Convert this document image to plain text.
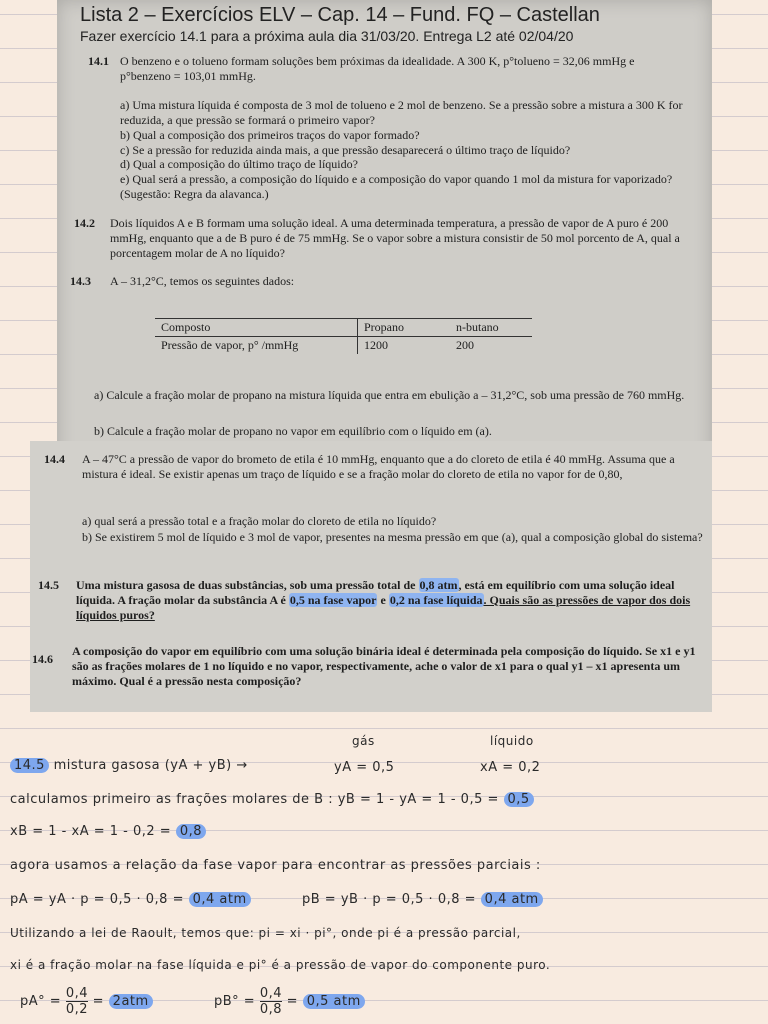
Lista 2 – Exercícios ELV – Cap. 14 – Fund. FQ – Castellan
Fazer exercício 14.1 para a próxima aula dia 31/03/20. Entrega L2 até 02/04/20
14.1 O benzeno e o tolueno formam soluções bem próximas da idealidade. A 300 K, p°tolueno = 32,06 mmHg e p°benzeno = 103,01 mmHg.
a) Uma mistura líquida é composta de 3 mol de tolueno e 2 mol de benzeno. Se a pressão sobre a mistura a 300 K for reduzida, a que pressão se formará o primeiro vapor?
b) Qual a composição dos primeiros traços do vapor formado?
c) Se a pressão for reduzida ainda mais, a que pressão desaparecerá o último traço de líquido?
d) Qual a composição do último traço de líquido?
e) Qual será a pressão, a composição do líquido e a composição do vapor quando 1 mol da mistura for vaporizado? (Sugestão: Regra da alavanca.)
14.2 Dois líquidos A e B formam uma solução ideal. A uma determinada temperatura, a pressão de vapor de A puro é 200 mmHg, enquanto que a de B puro é de 75 mmHg. Se o vapor sobre a mistura consistir de 50 mol porcento de A, qual a porcentagem molar de A no líquido?
14.3 A – 31,2°C, temos os seguintes dados:
Composto	Propano	n-butano
Pressão de vapor, p° /mmHg	1200	200
a) Calcule a fração molar de propano na mistura líquida que entra em ebulição a – 31,2°C, sob uma pressão de 760 mmHg.
b) Calcule a fração molar de propano no vapor em equilíbrio com o líquido em (a).
14.4 A – 47°C a pressão de vapor do brometo de etila é 10 mmHg, enquanto que a do cloreto de etila é 40 mmHg. Assuma que a mistura é ideal. Se existir apenas um traço de líquido e se a fração molar do cloreto de etila no vapor for de 0,80,
a) qual será a pressão total e a fração molar do cloreto de etila no líquido?
b) Se existirem 5 mol de líquido e 3 mol de vapor, presentes na mesma pressão em que (a), qual a composição global do sistema?
14.5 Uma mistura gasosa de duas substâncias, sob uma pressão total de 0,8 atm, está em equilíbrio com uma solução ideal líquida. A fração molar da substância A é 0,5 na fase vapor e 0,2 na fase líquida. Quais são as pressões de vapor dos dois líquidos puros?
14.6
A composição do vapor em equilíbrio com uma solução binária ideal é determinada pela composição do líquido. Se x1 e y1 são as frações molares de 1 no líquido e no vapor, respectivamente, ache o valor de x1 para o qual y1 – x1 apresenta um máximo. Qual é a pressão nesta composição?
gás	líquido
14.5 mistura gasosa (yA + yB) →	yA = 0,5	xA = 0,2
calculamos primeiro as frações molares de B : yB = 1 - yA = 1 - 0,5 = 0,5
xB = 1 - xA = 1 - 0,2 = 0,8
agora usamos a relação da fase vapor para encontrar as pressões parciais :
pA = yA · p = 0,5 · 0,8 = 0,4 atm	pB = yB · p = 0,5 · 0,8 = 0,4 atm
Utilizando a lei de Raoult, temos que: pi = xi · pi°, onde pi é a pressão parcial,
xi é a fração molar na fase líquida e pi° é a pressão de vapor do componente puro.
$pA^\circ = \frac{0,4}{0,2} = 2atm$	$pB^\circ = \frac{0,4}{0,8} = 0,5$ atm
